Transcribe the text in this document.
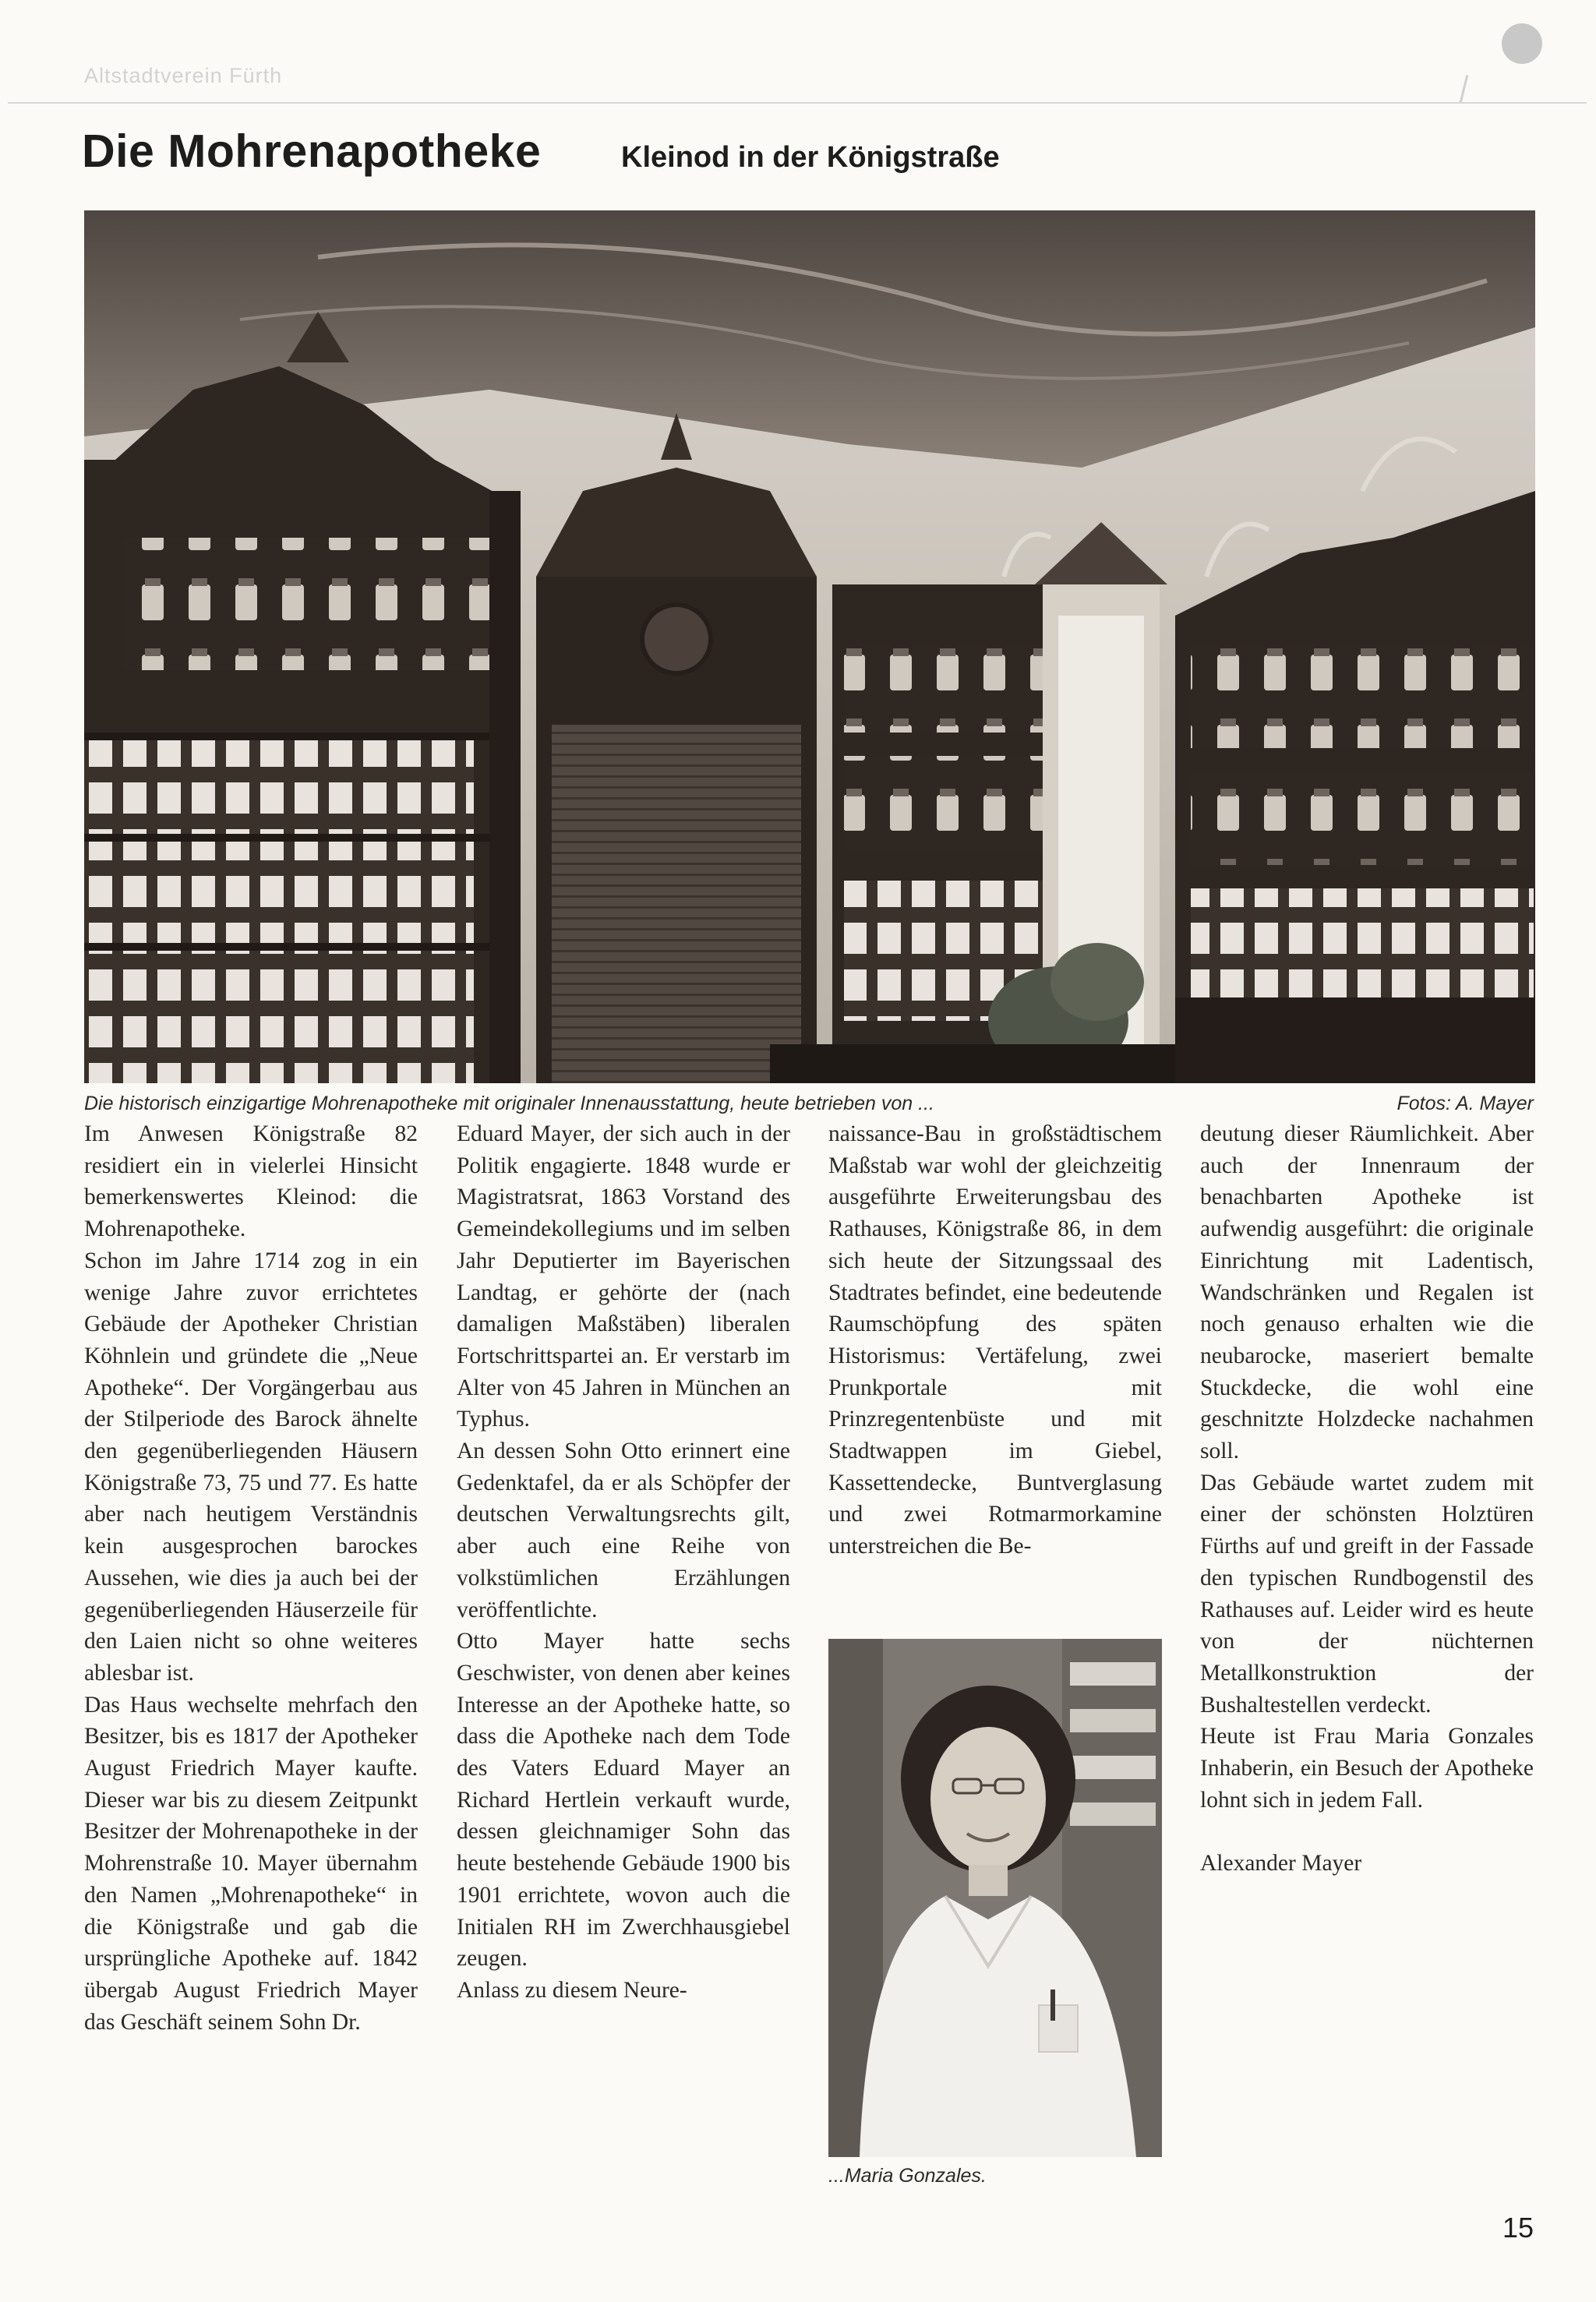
Altstadtverein Fürth
Die Mohrenapotheke	Kleinod in der Königstraße
Die historisch einzigartige Mohrenapotheke mit originaler Innenausstattung, heute betrieben von ...	Fotos: A. Mayer

Im Anwesen Königstraße 82 residiert ein in vielerlei Hinsicht bemerkenswertes Kleinod: die Mohrenapotheke.

Schon im Jahre 1714 zog in ein wenige Jahre zuvor errichtetes Gebäude der Apotheker Christian Köhnlein und gründete die „Neue Apotheke“. Der Vorgängerbau aus der Stilperiode des Barock ähnelte den gegenüberliegenden Häusern Königstraße 73, 75 und 77. Es hatte aber nach heutigem Verständnis kein ausgesprochen barockes Aussehen, wie dies ja auch bei der gegenüberliegenden Häuserzeile für den Laien nicht so ohne weiteres ablesbar ist.

Das Haus wechselte mehrfach den Besitzer, bis es 1817 der Apotheker August Friedrich Mayer kaufte. Dieser war bis zu diesem Zeitpunkt Besitzer der Mohrenapotheke in der Mohrenstraße 10. Mayer übernahm den Namen „Mohrenapotheke“ in die Königstraße und gab die ursprüngliche Apotheke auf. 1842 übergab August Friedrich Mayer das Geschäft seinem Sohn Dr.

Eduard Mayer, der sich auch in der Politik engagierte. 1848 wurde er Magistratsrat, 1863 Vorstand des Gemeindekollegiums und im selben Jahr Deputierter im Bayerischen Landtag, er gehörte der (nach damaligen Maßstäben) liberalen Fortschrittspartei an. Er verstarb im Alter von 45 Jahren in München an Typhus.

An dessen Sohn Otto erinnert eine Gedenktafel, da er als Schöpfer der deutschen Verwaltungsrechts gilt, aber auch eine Reihe von volkstümlichen Erzählungen veröffentlichte.

Otto Mayer hatte sechs Geschwister, von denen aber keines Interesse an der Apotheke hatte, so dass die Apotheke nach dem Tode des Vaters Eduard Mayer an Richard Hertlein verkauft wurde, dessen gleichnamiger Sohn das heute bestehende Gebäude 1900 bis 1901 errichtete, wovon auch die Initialen RH im Zwerchhausgiebel zeugen.

Anlass zu diesem Neure-

naissance-Bau in großstädtischem Maßstab war wohl der gleichzeitig ausgeführte Erweiterungsbau des Rathauses, Königstraße 86, in dem sich heute der Sitzungssaal des Stadtrates befindet, eine bedeutende Raumschöpfung des späten Historismus: Vertäfelung, zwei Prunkportale mit Prinzregentenbüste und mit Stadtwappen im Giebel, Kassettendecke, Buntverglasung und zwei Rotmarmorkamine unterstreichen die Be-

deutung dieser Räumlichkeit. Aber auch der Innenraum der benachbarten Apotheke ist aufwendig ausgeführt: die originale Einrichtung mit Ladentisch, Wandschränken und Regalen ist noch genauso erhalten wie die neubarocke, maseriert bemalte Stuckdecke, die wohl eine geschnitzte Holzdecke nachahmen soll.

Das Gebäude wartet zudem mit einer der schönsten Holztüren Fürths auf und greift in der Fassade den typischen Rundbogenstil des Rathauses auf. Leider wird es heute von der nüchternen Metallkonstruktion der Bushaltestellen verdeckt.

Heute ist Frau Maria Gonzales Inhaberin, ein Besuch der Apotheke lohnt sich in jedem Fall.

Alexander Mayer

...Maria Gonzales.
15
